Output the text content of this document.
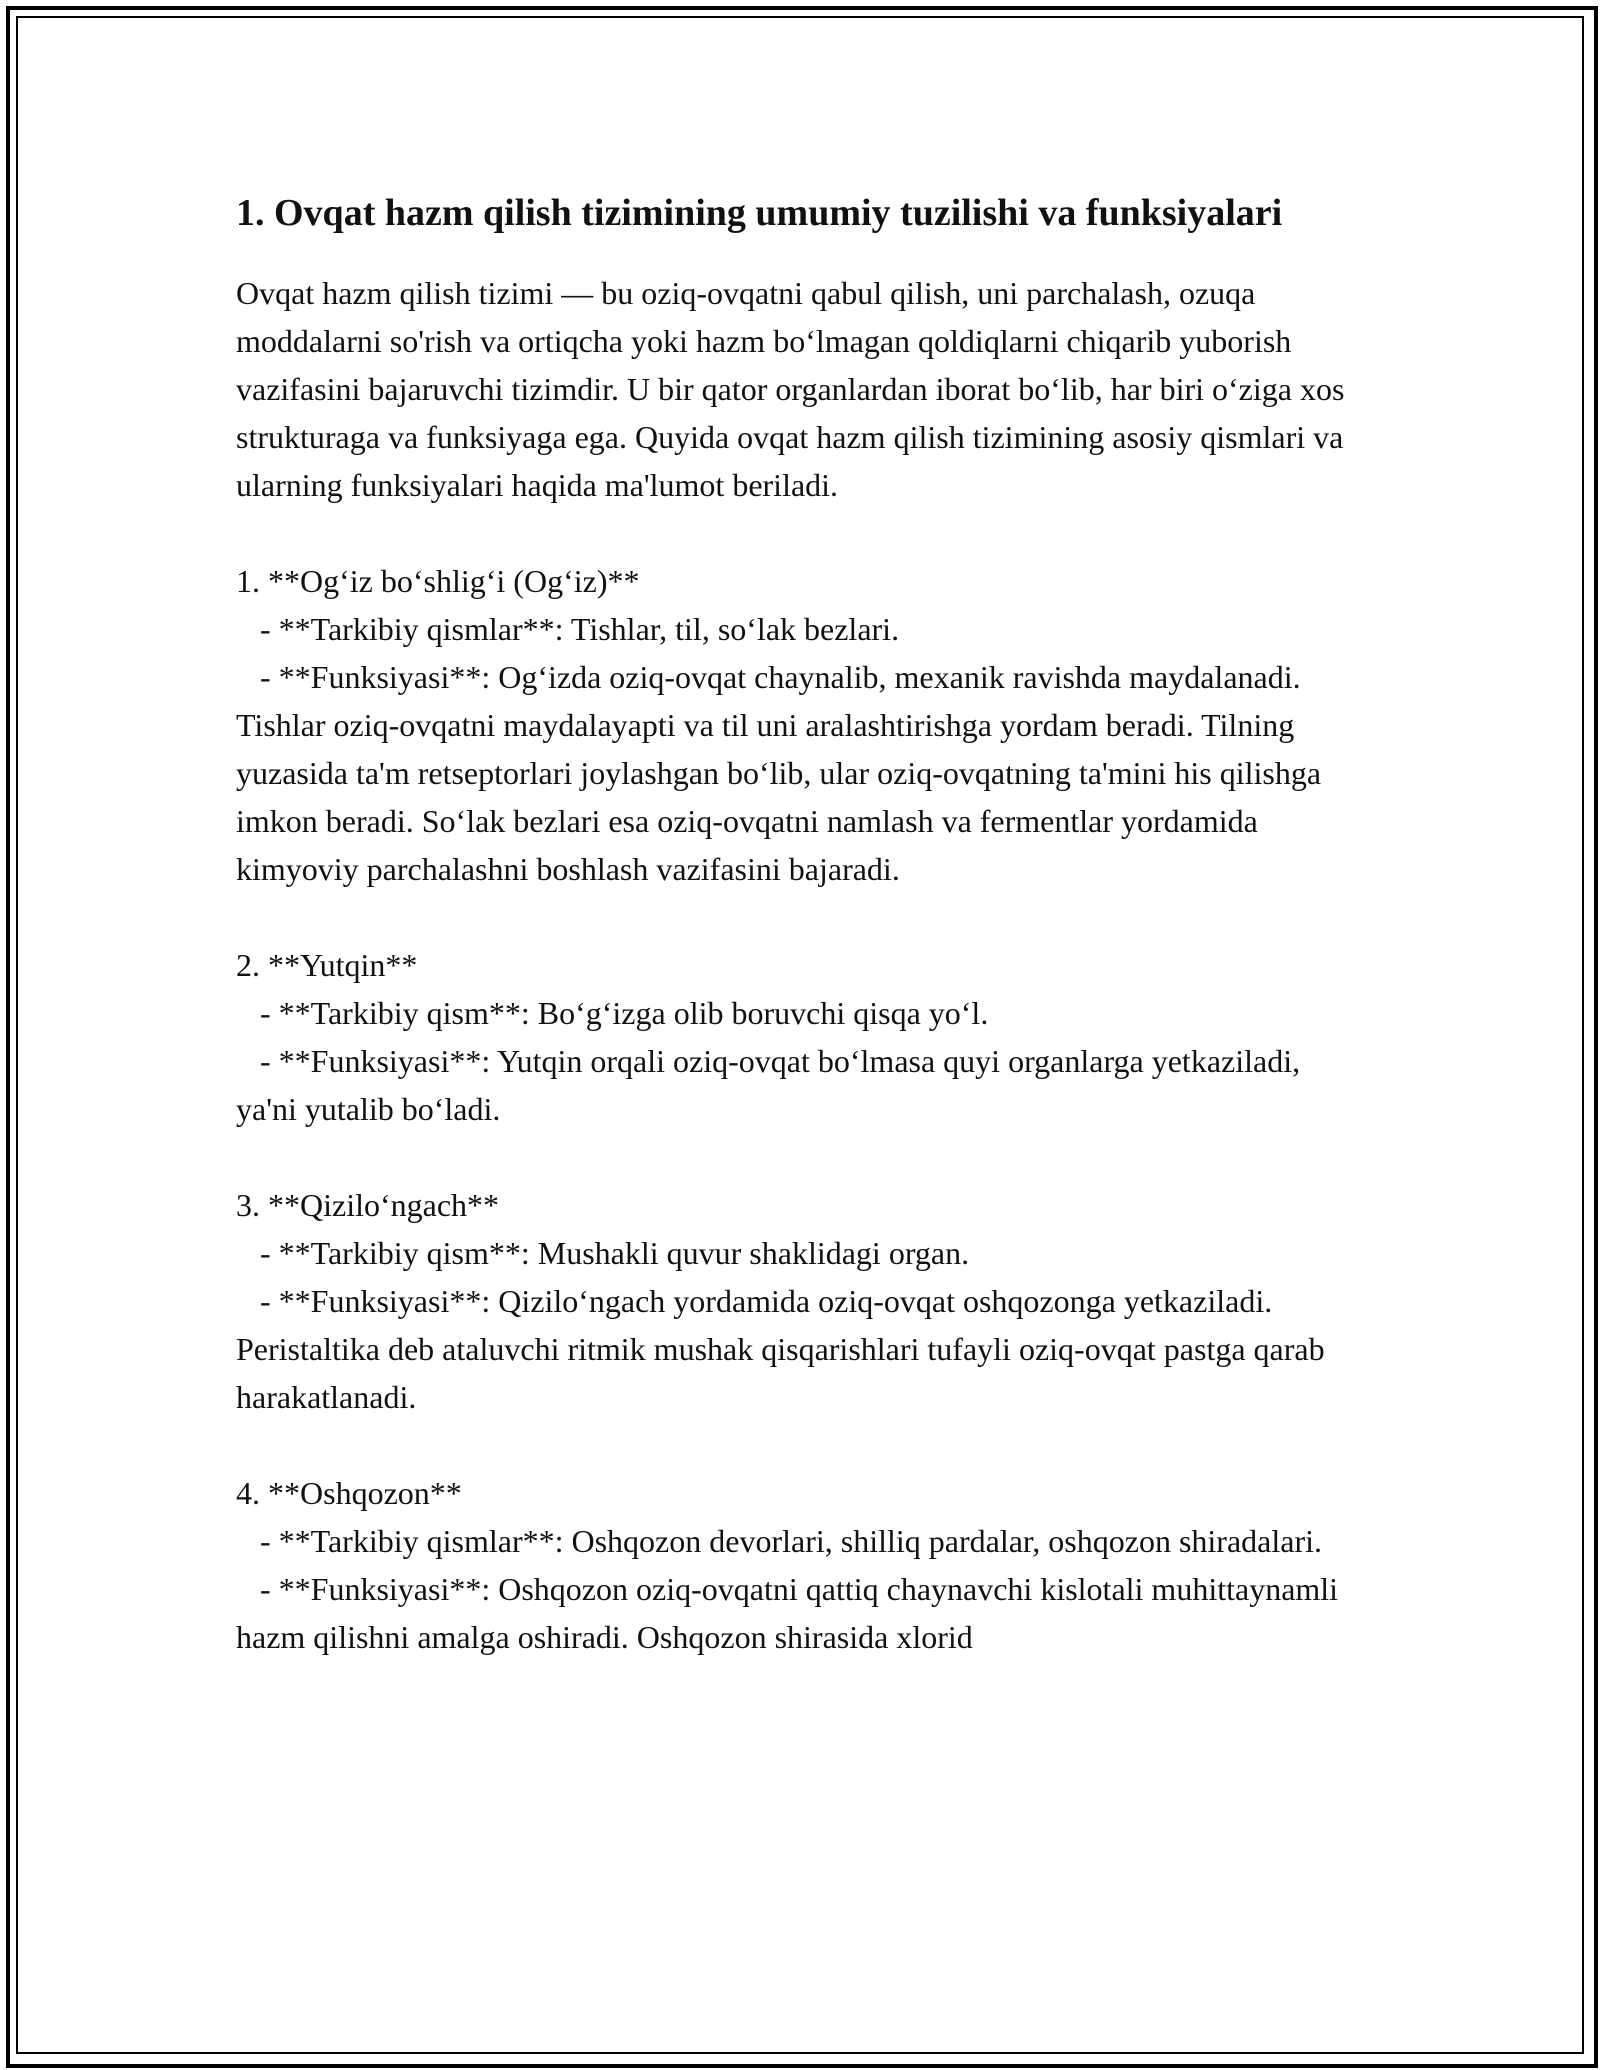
1. Ovqat hazm qilish tizimining umumiy tuzilishi va funksiyalari

Ovqat hazm qilish tizimi — bu oziq-ovqatni qabul qilish, uni parchalash, ozuqa moddalarni so'rish va ortiqcha yoki hazm boʻlmagan qoldiqlarni chiqarib yuborish vazifasini bajaruvchi tizimdir. U bir qator organlardan iborat boʻlib, har biri oʻziga xos strukturaga va funksiyaga ega. Quyida ovqat hazm qilish tizimining asosiy qismlari va ularning funksiyalari haqida ma'lumot beriladi.

1. **Ogʻiz boʻshligʻi (Ogʻiz)**

- **Tarkibiy qismlar**: Tishlar, til, soʻlak bezlari.

- **Funksiyasi**: Ogʻizda oziq-ovqat chaynalib, mexanik ravishda maydalanadi. Tishlar oziq-ovqatni maydalayapti va til uni aralashtirishga yordam beradi. Tilning yuzasida ta'm retseptorlari joylashgan boʻlib, ular oziq-ovqatning ta'mini his qilishga imkon beradi. Soʻlak bezlari esa oziq-ovqatni namlash va fermentlar yordamida kimyoviy parchalashni boshlash vazifasini bajaradi.

2. **Yutqin**

- **Tarkibiy qism**: Boʻgʻizga olib boruvchi qisqa yoʻl.

- **Funksiyasi**: Yutqin orqali oziq-ovqat boʻlmasa quyi organlarga yetkaziladi, ya'ni yutalib boʻladi.

3. **Qiziloʻngach**

- **Tarkibiy qism**: Mushakli quvur shaklidagi organ.

- **Funksiyasi**: Qiziloʻngach yordamida oziq-ovqat oshqozonga yetkaziladi. Peristaltika deb ataluvchi ritmik mushak qisqarishlari tufayli oziq-ovqat pastga qarab harakatlanadi.

4. **Oshqozon**

- **Tarkibiy qismlar**: Oshqozon devorlari, shilliq pardalar, oshqozon shiradalari.

- **Funksiyasi**: Oshqozon oziq-ovqatni qattiq chaynavchi kislotali muhittaynamli hazm qilishni amalga oshiradi. Oshqozon shirasida xlorid
